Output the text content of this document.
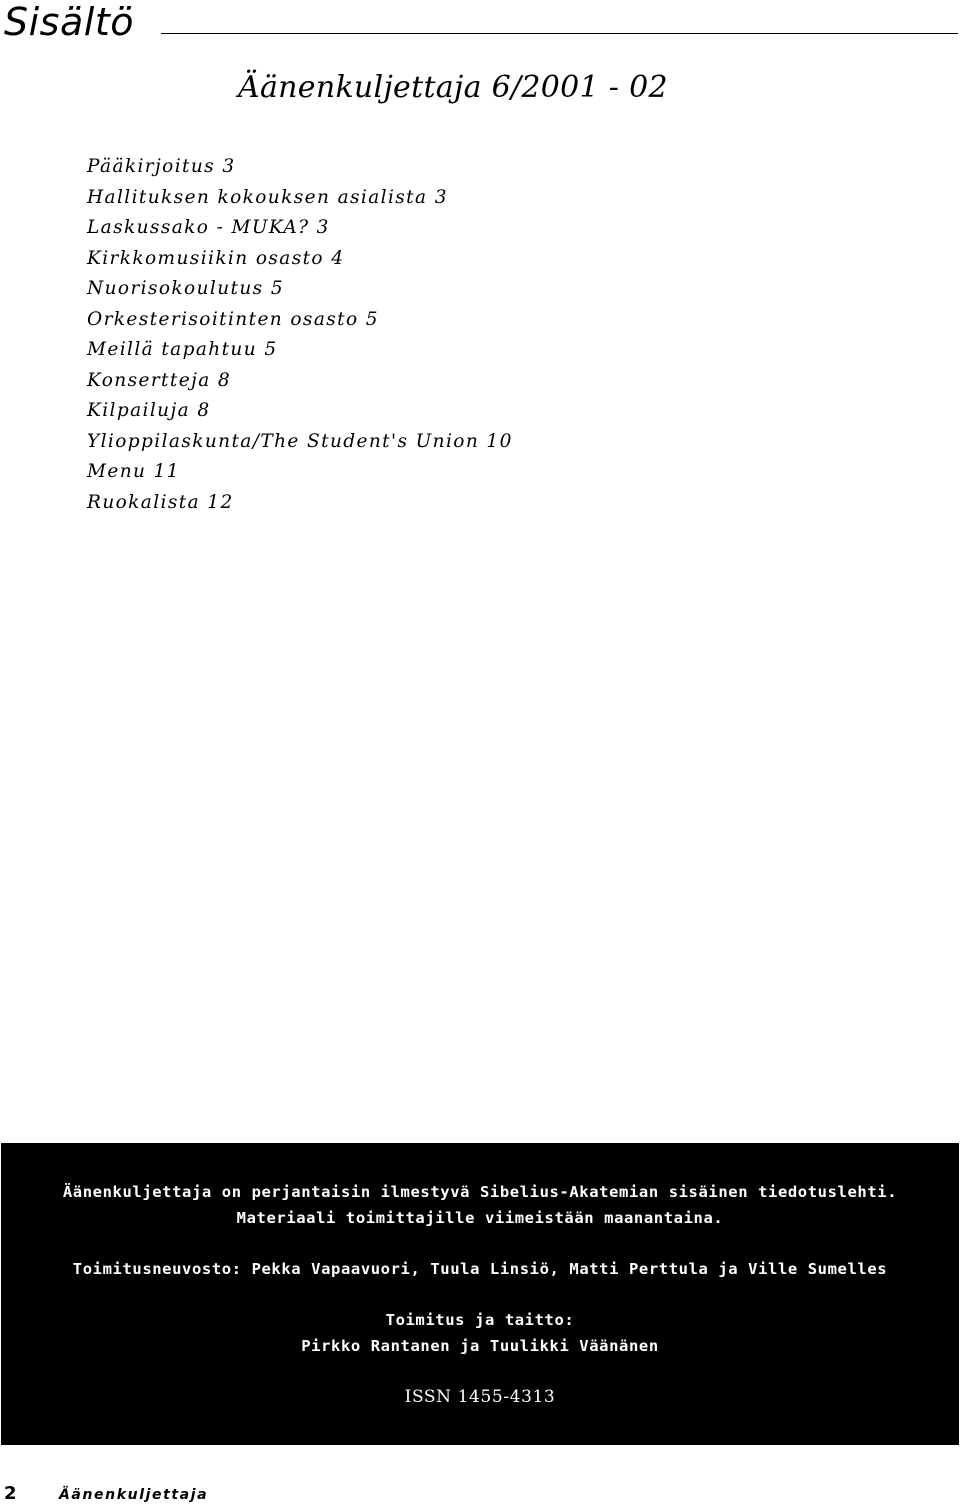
Sisältö
Äänenkuljettaja 6/2001 - 02
Pääkirjoitus 3
Hallituksen kokouksen asialista 3
Laskussako - MUKA? 3
Kirkkomusiikin osasto 4
Nuorisokoulutus 5
Orkesterisoitinten osasto 5
Meillä tapahtuu 5
Konsertteja 8
Kilpailuja 8
Ylioppilaskunta/The Student's Union 10
Menu 11
Ruokalista 12
Äänenkuljettaja on perjantaisin ilmestyvä Sibelius-Akatemian sisäinen tiedotuslehti.
Materiaali toimittajille viimeistään maanantaina.
Toimitusneuvosto: Pekka Vapaavuori, Tuula Linsiö, Matti Perttula ja Ville Sumelles
Toimitus ja taitto:
Pirkko Rantanen ja Tuulikki Väänänen
ISSN 1455-4313
2	Äänenkuljettaja
